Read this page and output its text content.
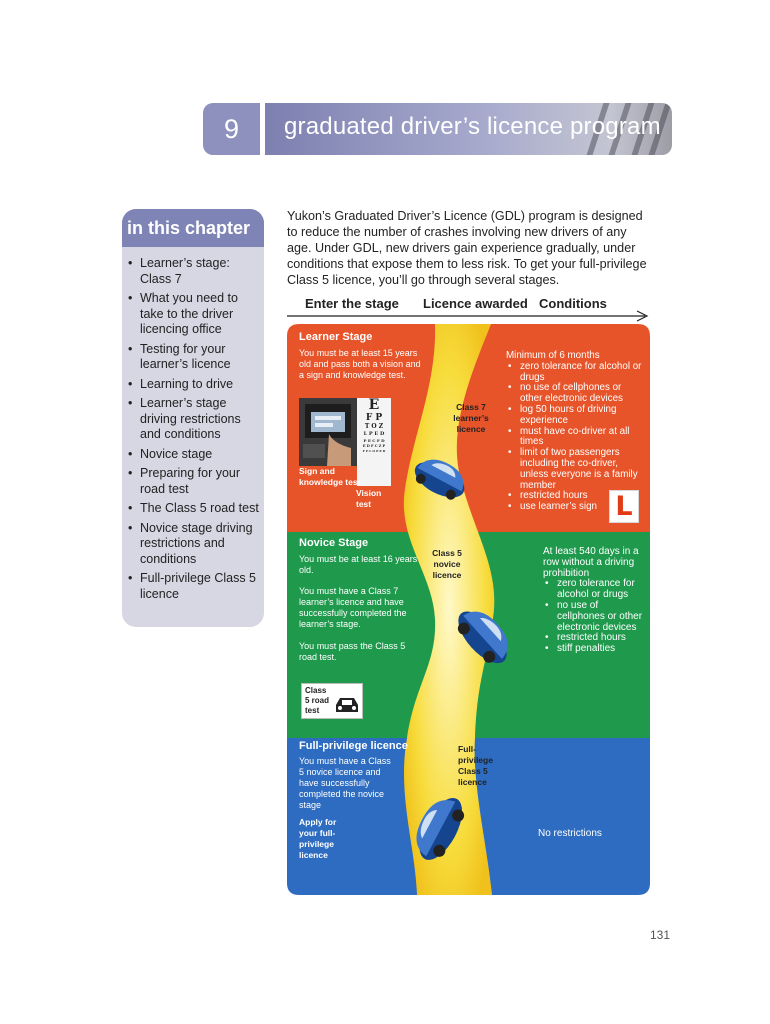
9	graduated driver’s licence program
in this chapter
• Learner’s stage: Class 7
• What you need to take to the driver licencing office
• Testing for your learner’s licence
• Learning to drive
• Learner’s stage driving restrictions and conditions
• Novice stage
• Preparing for your road test
• The Class 5 road test
• Novice stage driving restrictions and conditions
• Full-privilege Class 5 licence

Yukon’s Graduated Driver’s Licence (GDL) program is designed to reduce the number of crashes involving new drivers of any age. Under GDL, new drivers gain experience gradually, under conditions that expose them to less risk. To get your full-privilege Class 5 licence, you’ll go through several stages.

Enter the stage Licence awarded Conditions
Learner Stage
You must be at least 15 years old and pass both a vision and a sign and knowledge test.
E
F P
T O Z
L P E D
P E C F D
E D F C Z P
F E L O P Z D
Sign and knowledge test
Vision test
Class 7 learner’s licence
Minimum of 6 months
• zero tolerance for alcohol or drugs
• no use of cellphones or other electronic devices
• log 50 hours of driving experience
• must have co-driver at all times
• limit of two passengers including the co-driver, unless everyone is a family member
• restricted hours
• use learner’s sign L
Novice Stage
You must be at least 16 years old.
You must have a Class 7 learner’s licence and have successfully completed the learner’s stage.
You must pass the Class 5 road test.
Class 5 novice licence
At least 540 days in a row without a driving prohibition
• zero tolerance for alcohol or drugs
• no use of cellphones or other electronic devices
• restricted hours
• stiff penalties
Class 5 road test
Full-privilege licence
You must have a Class 5 novice licence and have successfully completed the novice stage
Apply for your full-privilege licence
Full-privilege Class 5 licence
No restrictions
131
